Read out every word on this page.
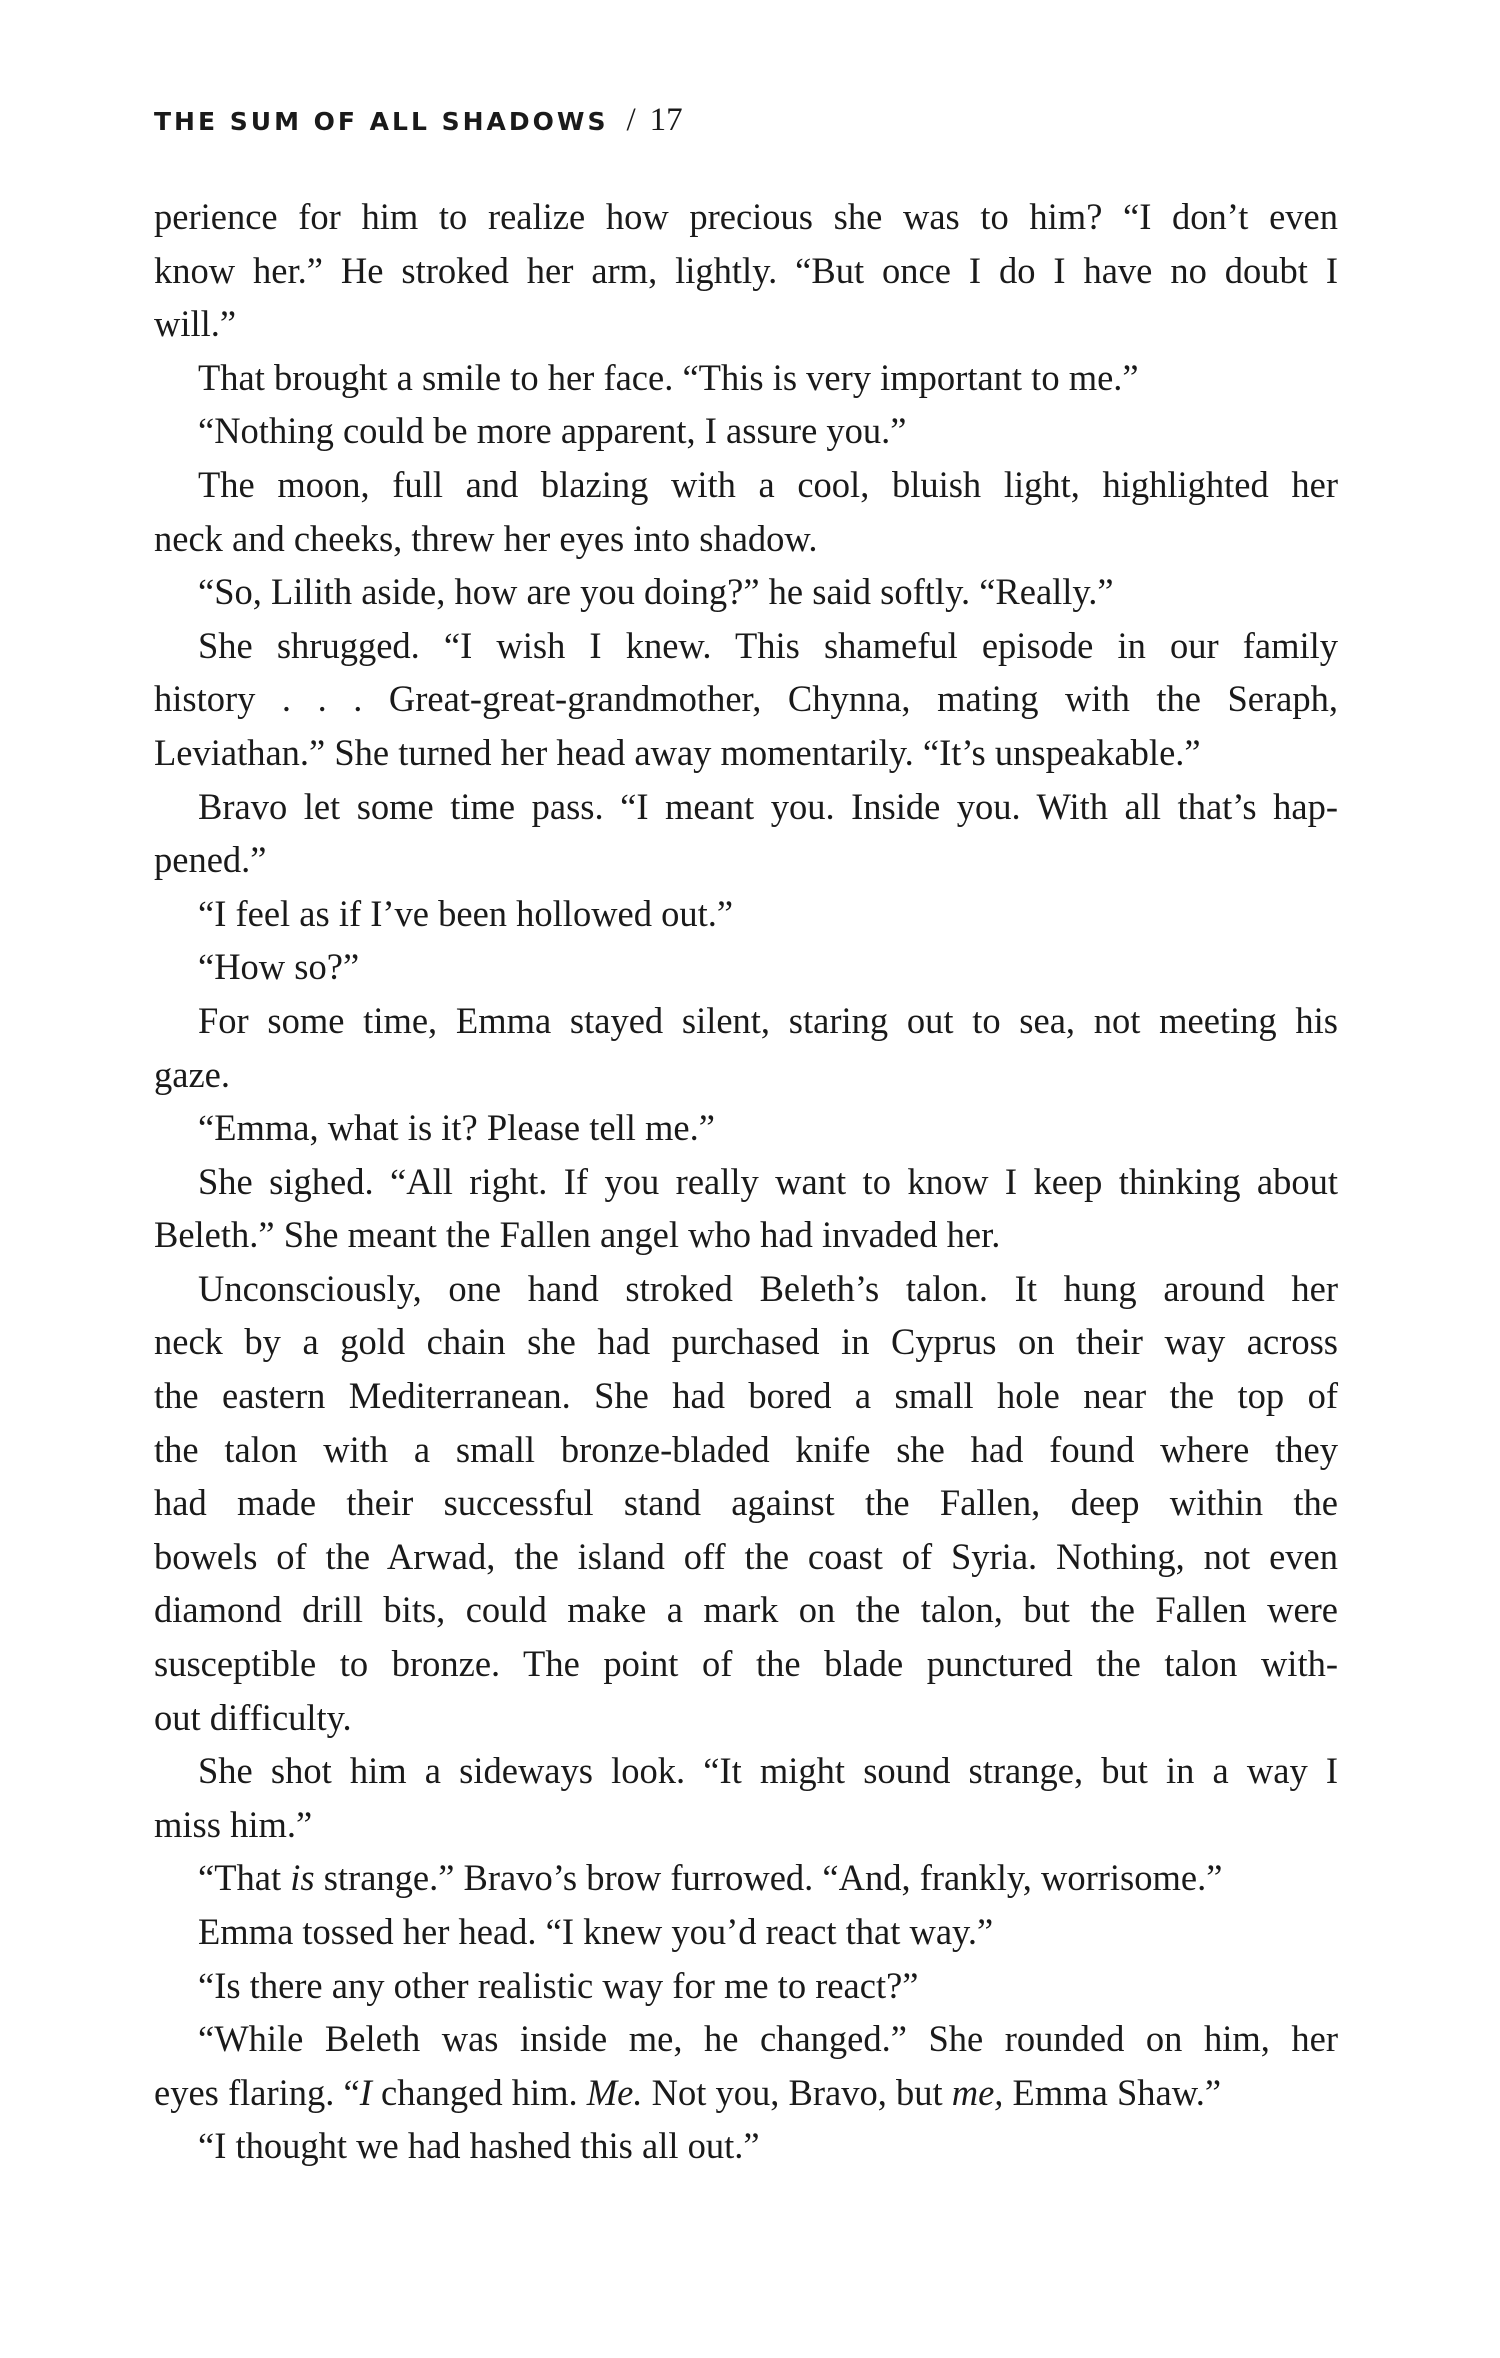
THE SUM OF ALL SHADOWS / 17
perience for him to realize how precious she was to him? “I don’t even
know her.” He stroked her arm, lightly. “But once I do I have no doubt I
will.”
That brought a smile to her face. “This is very important to me.”
“Nothing could be more apparent, I assure you.”
The moon, full and blazing with a cool, bluish light, highlighted her
neck and cheeks, threw her eyes into shadow.
“So, Lilith aside, how are you doing?” he said softly. “Really.”
She shrugged. “I wish I knew. This shameful episode in our family
history . . . Great-great-grandmother, Chynna, mating with the Seraph,
Leviathan.” She turned her head away momentarily. “It’s unspeakable.”
Bravo let some time pass. “I meant you. Inside you. With all that’s hap-
pened.”
“I feel as if I’ve been hollowed out.”
“How so?”
For some time, Emma stayed silent, staring out to sea, not meeting his
gaze.
“Emma, what is it? Please tell me.”
She sighed. “All right. If you really want to know I keep thinking about
Beleth.” She meant the Fallen angel who had invaded her.
Unconsciously, one hand stroked Beleth’s talon. It hung around her
neck by a gold chain she had purchased in Cyprus on their way across
the eastern Mediterranean. She had bored a small hole near the top of
the talon with a small bronze-bladed knife she had found where they
had made their successful stand against the Fallen, deep within the
bowels of the Arwad, the island off the coast of Syria. Nothing, not even
diamond drill bits, could make a mark on the talon, but the Fallen were
susceptible to bronze. The point of the blade punctured the talon with-
out difficulty.
She shot him a sideways look. “It might sound strange, but in a way I
miss him.”
“That is strange.” Bravo’s brow furrowed. “And, frankly, worrisome.”
Emma tossed her head. “I knew you’d react that way.”
“Is there any other realistic way for me to react?”
“While Beleth was inside me, he changed.” She rounded on him, her
eyes flaring. “I changed him. Me. Not you, Bravo, but me, Emma Shaw.”
“I thought we had hashed this all out.”
